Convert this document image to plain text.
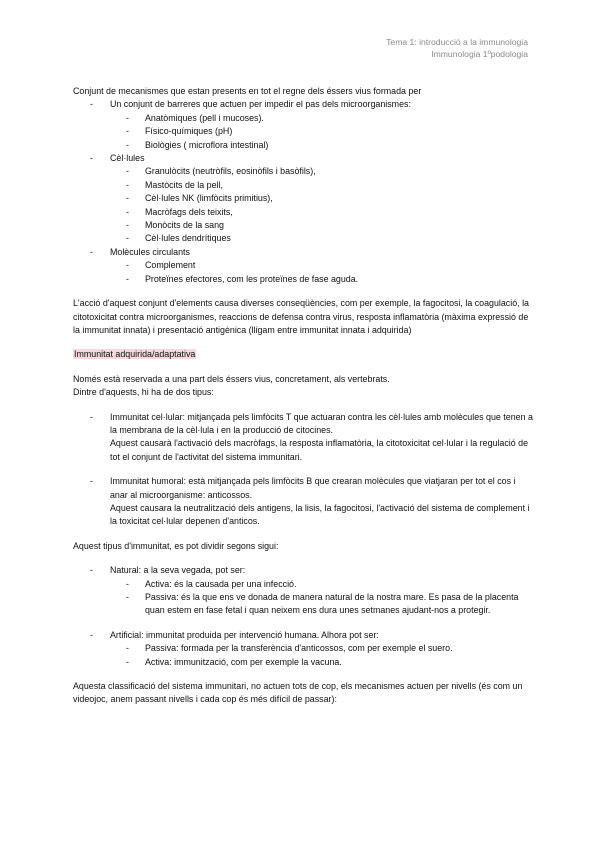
Tema 1: introducció a la immunologia
Immunologia 1ºpodologia

Conjunt de mecanismes que estan presents en tot el regne dels éssers vius formada per

- Un conjunt de barreres que actuen per impedir el pas dels microorganismes:
- Anatòmiques (pell i mucoses).
- Físico-químiques (pH)
- Biològies ( microflora intestinal)
- Cèl·lules
- Granulòcits (neutròfils, eosinòfils i basòfils),
- Mastòcits de la pell,
- Cèl·lules NK (limfòcits primitius),
- Macròfags dels teixits,
- Monòcits de la sang
- Cèl·lules dendrítiques
- Molècules circulants
- Complement
- Proteïnes efectores, com les proteïnes de fase aguda.

L'acció d'aquest conjunt d'elements causa diverses conseqüències, com per exemple, la fagocitosi, la coagulació, la citotoxicitat contra microorganismes, reaccions de defensa contra virus, resposta inflamatòria (màxima expressió de la immunitat innata) i presentació antigènica (lligam entre immunitat innata i adquirida)

Immunitat adquirida/adaptativa

Només està reservada a una part dels éssers vius, concretament, als vertebrats.

Dintre d'aquests, hi ha de dos tipus:

- Immunitat cel·lular: mitjançada pels limfòcits T que actuaran contra les cèl·lules amb molècules que tenen a la membrana de la cèl·lula i en la producció de citocines.
Aquest causarà l'activació dels macròfags, la resposta inflamatòria, la citotoxicitat cel·lular i la regulació de tot el conjunt de l'activitat del sistema immunitari.
- Immunitat humoral: està mitjançada pels limfòcits B que crearan molècules que viatjaran per tot el cos i anar al microorganisme: anticossos.
Aquest causara la neutralització dels antigens, la lisis, la fagocitosi, l'activació del sistema de complement i la toxicitat cel·lular depenen d'anticos.

Aquest tipus d'immunitat, es pot dividir segons sigui:

- Natural: a la seva vegada, pot ser:
- Activa: és la causada per una infecció.
- Passiva: és la que ens ve donada de manera natural de la nostra mare. Es pasa de la placenta quan estem en fase fetal i quan neixem ens dura unes setmanes ajudant-nos a protegir.
- Artificial: immunitat produida per intervenció humana. Alhora pot ser:
- Passiva: formada per la transferència d'anticossos, com per exemple el suero.
- Activa: immunització, com per exemple la vacuna.

Aquesta classificació del sistema immunitari, no actuen tots de cop, els mecanismes actuen per nivells (és com un videojoc, anem passant nivells i cada cop és més difícil de passar):
